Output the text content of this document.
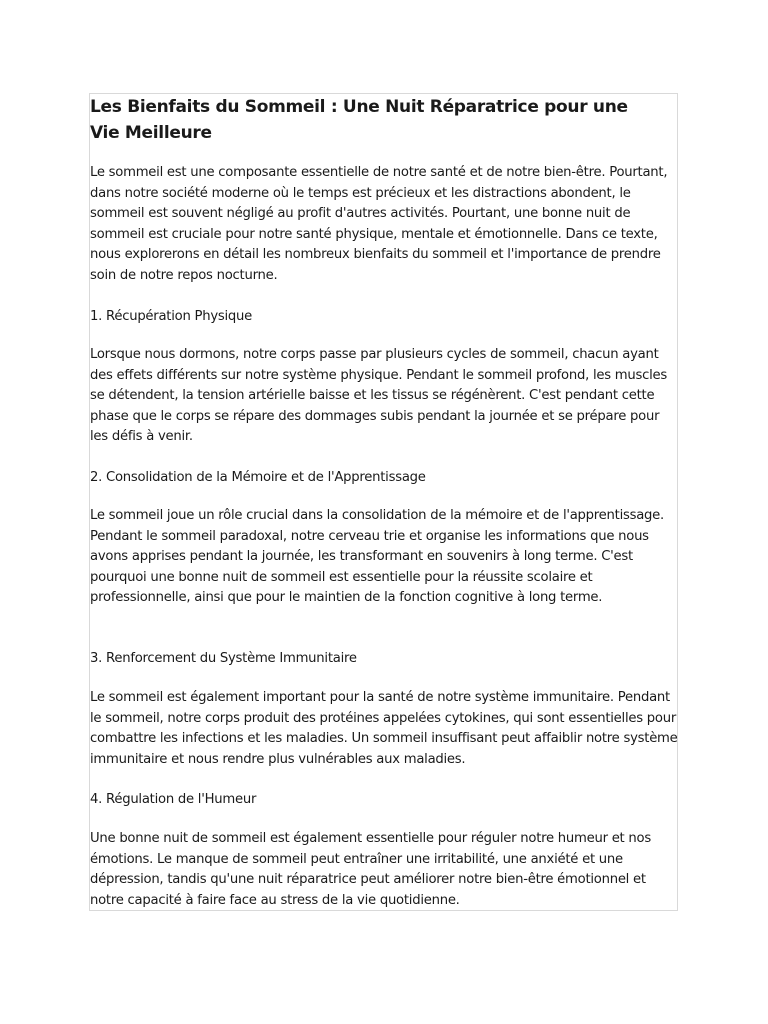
Les Bienfaits du Sommeil : Une Nuit Réparatrice pour une Vie Meilleure
Le sommeil est une composante essentielle de notre santé et de notre bien-être. Pourtant, dans notre société moderne où le temps est précieux et les distractions abondent, le sommeil est souvent négligé au profit d'autres activités. Pourtant, une bonne nuit de sommeil est cruciale pour notre santé physique, mentale et émotionnelle. Dans ce texte, nous explorerons en détail les nombreux bienfaits du sommeil et l'importance de prendre soin de notre repos nocturne.
1. Récupération Physique
Lorsque nous dormons, notre corps passe par plusieurs cycles de sommeil, chacun ayant des effets différents sur notre système physique. Pendant le sommeil profond, les muscles se détendent, la tension artérielle baisse et les tissus se régénèrent. C'est pendant cette phase que le corps se répare des dommages subis pendant la journée et se prépare pour les défis à venir.
2. Consolidation de la Mémoire et de l'Apprentissage
Le sommeil joue un rôle crucial dans la consolidation de la mémoire et de l'apprentissage. Pendant le sommeil paradoxal, notre cerveau trie et organise les informations que nous avons apprises pendant la journée, les transformant en souvenirs à long terme. C'est pourquoi une bonne nuit de sommeil est essentielle pour la réussite scolaire et professionnelle, ainsi que pour le maintien de la fonction cognitive à long terme.
3. Renforcement du Système Immunitaire
Le sommeil est également important pour la santé de notre système immunitaire. Pendant le sommeil, notre corps produit des protéines appelées cytokines, qui sont essentielles pour combattre les infections et les maladies. Un sommeil insuffisant peut affaiblir notre système immunitaire et nous rendre plus vulnérables aux maladies.
4. Régulation de l'Humeur
Une bonne nuit de sommeil est également essentielle pour réguler notre humeur et nos émotions. Le manque de sommeil peut entraîner une irritabilité, une anxiété et une dépression, tandis qu'une nuit réparatrice peut améliorer notre bien-être émotionnel et notre capacité à faire face au stress de la vie quotidienne.
